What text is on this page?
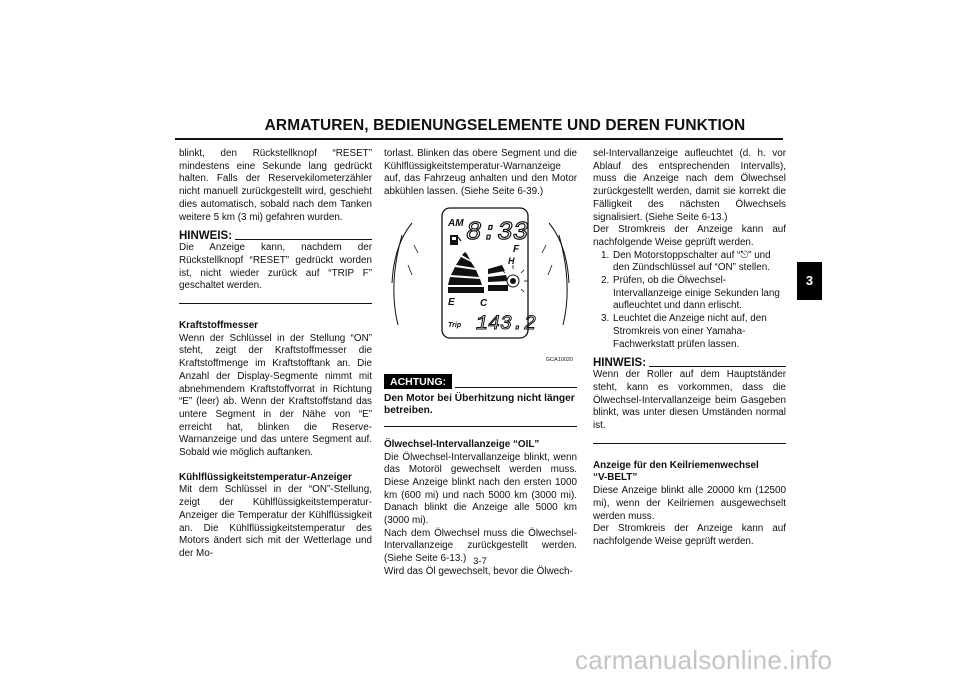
ARMATUREN, BEDIENUNGSELEMENTE UND DEREN FUNKTION

blinkt, den Rückstellknopf “RESET” mindestens eine Sekunde lang gedrückt halten. Falls der Reservekilometerzähler nicht manuell zurückgestellt wird, geschieht dies automatisch, sobald nach dem Tanken weitere 5 km (3 mi) gefahren wurden.

HINWEIS:

Die Anzeige kann, nachdem der Rückstellknopf “RESET” gedrückt worden ist, nicht wieder zurück auf “TRIP F” geschaltet werden.

Kraftstoffmesser

Wenn der Schlüssel in der Stellung “ON” steht, zeigt der Kraftstoffmesser die Kraftstoffmenge im Kraftstofftank an. Die Anzahl der Display-Segmente nimmt mit abnehmendem Kraftstoffvorrat in Richtung “E” (leer) ab. Wenn der Kraftstoffstand das untere Segment in der Nähe von “E” erreicht hat, blinken die Reserve-Warnanzeige und das untere Segment auf. Sobald wie möglich auftanken.

Kühlflüssigkeitstemperatur-Anzeiger

Mit dem Schlüssel in der “ON”-Stellung, zeigt der Kühlflüssigkeitstemperatur-Anzeiger die Temperatur der Kühlflüssigkeit an. Die Kühlflüssigkeitstemperatur des Motors ändert sich mit der Wetterlage und der Mo-

torlast. Blinken das obere Segment und die Kühlflüssigkeitstemperatur-Warnanzeige auf, das Fahrzeug anhalten und den Motor abkühlen lassen. (Siehe Seite 6-39.)

AM 8:33
F
E	C
H
Trip 143.2
GCA10020
ACHTUNG:

Den Motor bei Überhitzung nicht länger betreiben.

Ölwechsel-Intervallanzeige “OIL”

Die Ölwechsel-Intervallanzeige blinkt, wenn das Motoröl gewechselt werden muss. Diese Anzeige blinkt nach den ersten 1000 km (600 mi) und nach 5000 km (3000 mi). Danach blinkt die Anzeige alle 5000 km (3000 mi).

Nach dem Ölwechsel muss die Ölwechsel-Intervallanzeige zurückgestellt werden. (Siehe Seite 6-13.)

Wird das Öl gewechselt, bevor die Ölwech-

sel-Intervallanzeige aufleuchtet (d. h. vor Ablauf des entsprechenden Intervalls), muss die Anzeige nach dem Ölwechsel zurückgestellt werden, damit sie korrekt die Fälligkeit des nächsten Ölwechsels signalisiert. (Siehe Seite 6-13.)

Der Stromkreis der Anzeige kann auf nachfolgende Weise geprüft werden.

1. Den Motorstoppschalter auf “⎋” und den Zündschlüssel auf “ON” stellen.
2. Prüfen, ob die Ölwechsel-Intervallanzeige einige Sekunden lang aufleuchtet und dann erlischt.
3. Leuchtet die Anzeige nicht auf, den Stromkreis von einer Yamaha-Fachwerkstatt prüfen lassen.
HINWEIS:

Wenn der Roller auf dem Hauptständer steht, kann es vorkommen, dass die Ölwechsel-Intervallanzeige beim Gasgeben blinkt, was unter diesen Umständen normal ist.

Anzeige für den Keilriemenwechsel

“V-BELT”

Diese Anzeige blinkt alle 20000 km (12500 mi), wenn der Keilriemen ausgewechselt werden muss.

Der Stromkreis der Anzeige kann auf nachfolgende Weise geprüft werden.

3
3-7
carmanualsonline.info
